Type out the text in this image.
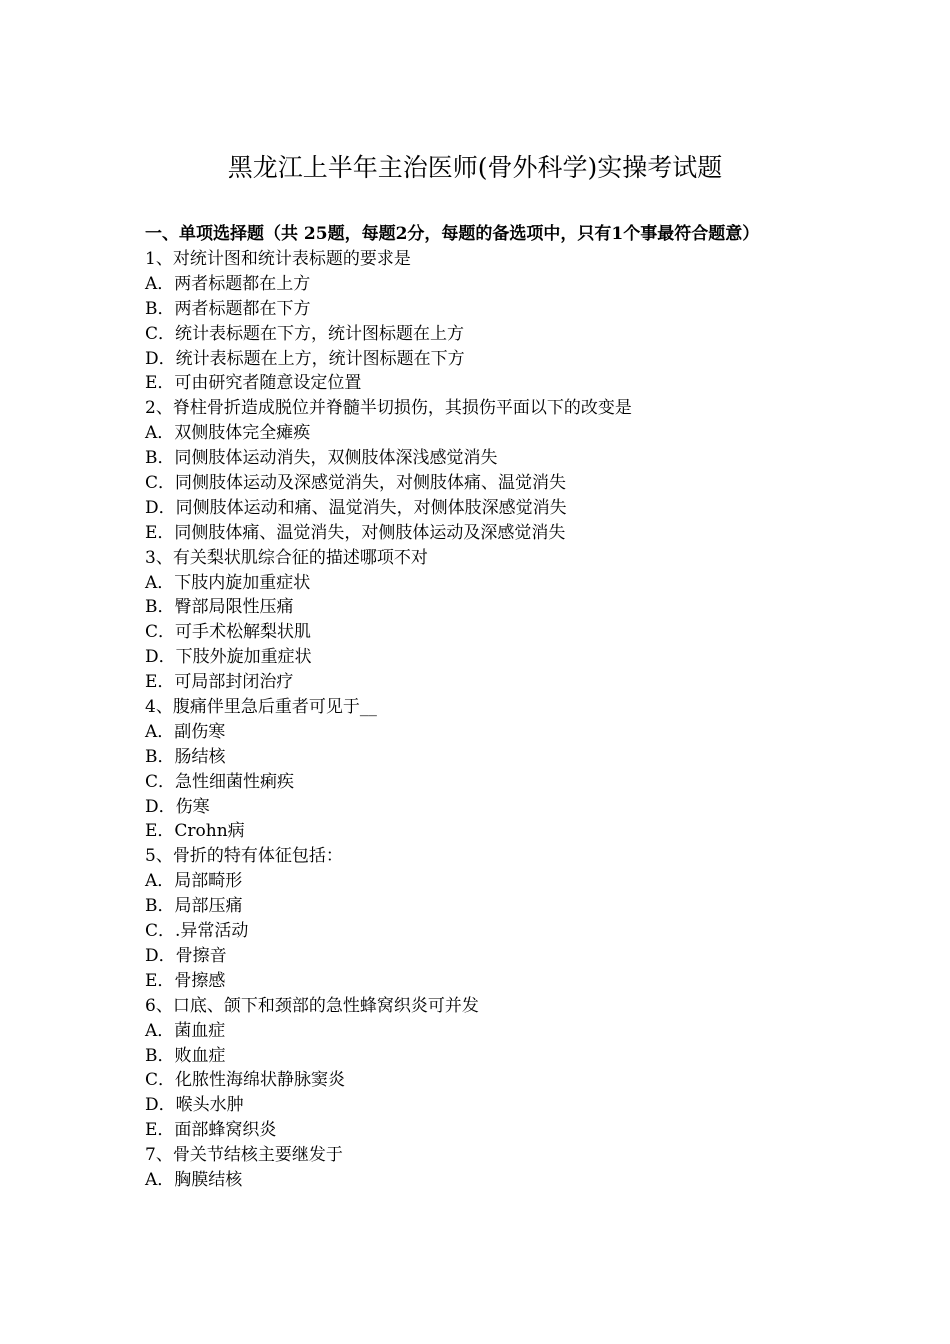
黑龙江上半年主治医师(骨外科学)实操考试题

一、单项选择题（共 25题，每题2分，每题的备选项中，只有1个事最符合题意）

1、对统计图和统计表标题的要求是
A．两者标题都在上方
B．两者标题都在下方
C．统计表标题在下方，统计图标题在上方
D．统计表标题在上方，统计图标题在下方
E．可由研究者随意设定位置
2、脊柱骨折造成脱位并脊髓半切损伤，其损伤平面以下的改变是
A．双侧肢体完全瘫痪
B．同侧肢体运动消失，双侧肢体深浅感觉消失
C．同侧肢体运动及深感觉消失，对侧肢体痛、温觉消失
D．同侧肢体运动和痛、温觉消失，对侧体肢深感觉消失
E．同侧肢体痛、温觉消失，对侧肢体运动及深感觉消失
3、有关梨状肌综合征的描述哪项不对
A．下肢内旋加重症状
B．臀部局限性压痛
C．可手术松解梨状肌
D．下肢外旋加重症状
E．可局部封闭治疗
4、腹痛伴里急后重者可见于__
A．副伤寒
B．肠结核
C．急性细菌性痢疾
D．伤寒
E．Crohn病
5、骨折的特有体征包括：
A．局部畸形
B．局部压痛
C．.异常活动
D．骨擦音
E．骨擦感
6、口底、颌下和颈部的急性蜂窝织炎可并发
A．菌血症
B．败血症
C．化脓性海绵状静脉窦炎
D．喉头水肿
E．面部蜂窝织炎
7、骨关节结核主要继发于
A．胸膜结核
